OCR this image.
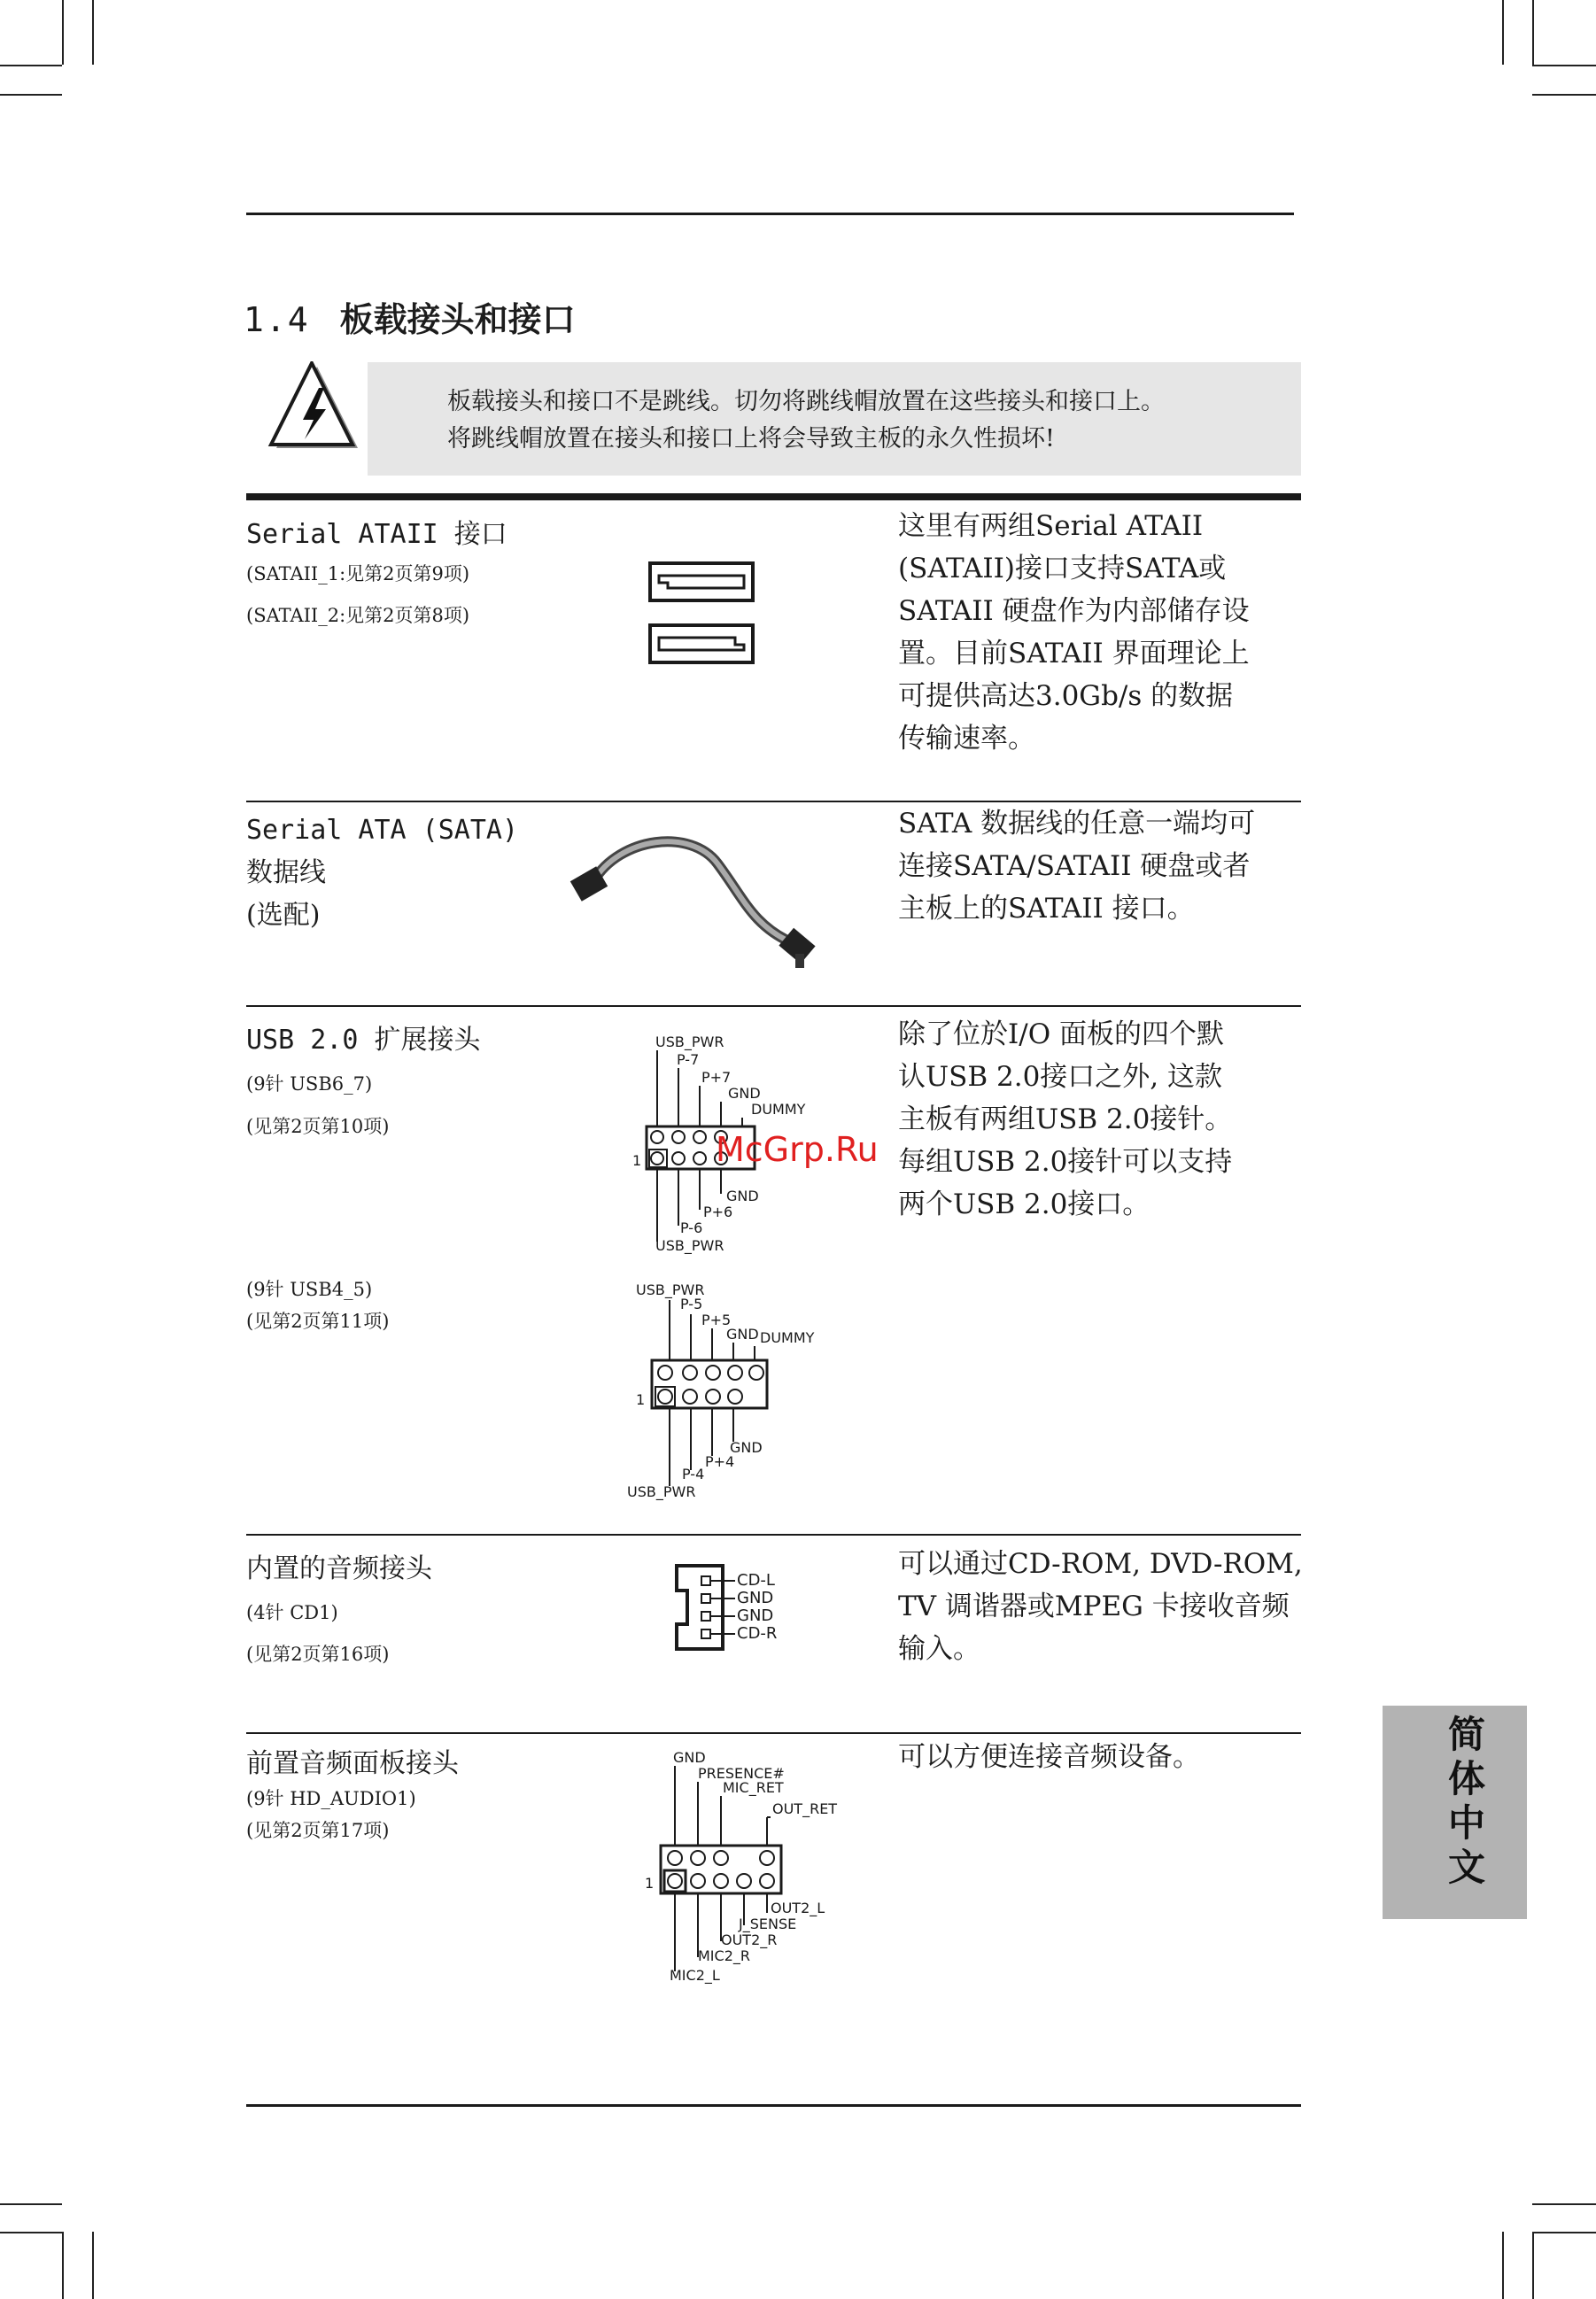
1.4 板载接头和接口
板载接头和接口不是跳线。切勿将跳线帽放置在这些接头和接口上。
将跳线帽放置在接头和接口上将会导致主板的永久性损坏!
Serial ATAII 接口
(SATAII_1:见第2页第9项)
(SATAII_2:见第2页第8项)
这里有两组Serial ATAII
(SATAII)接口支持SATA或
SATAII 硬盘作为内部储存设
置。目前SATAII 界面理论上
可提供高达3.0Gb/s 的数据
传输速率。
Serial ATA (SATA)
数据线
(选配)
SATA 数据线的任意一端均可
连接SATA/SATAII 硬盘或者
主板上的SATAII 接口。
USB 2.0 扩展接头
(9针 USB6_7)
(见第2页第10项)
(9针 USB4_5)
(见第2页第11项)
USB_PWR
P-7
P+7
GND
DUMMY
1
GND
P+6
P-6
USB_PWR
McGrp.Ru
USB_PWR
P-5
P+5
GND DUMMY
1
GND
P+4
P-4
USB_PWR
除了位於I/O 面板的四个默
认USB 2.0接口之外, 这款
主板有两组USB 2.0接针。
每组USB 2.0接针可以支持
两个USB 2.0接口。
内置的音频接头
(4针 CD1)
(见第2页第16项)
CD-L
GND
GND
CD-R
可以通过CD-ROM, DVD-ROM,
TV 调谐器或MPEG 卡接收音频
输入。
前置音频面板接头
(9针 HD_AUDIO1)
(见第2页第17项)
GND
PRESENCE#
MIC_RET
OUT_RET
1
OUT2_L
J_SENSE
OUT2_R
MIC2_R
MIC2_L
可以方便连接音频设备。	简体中文
